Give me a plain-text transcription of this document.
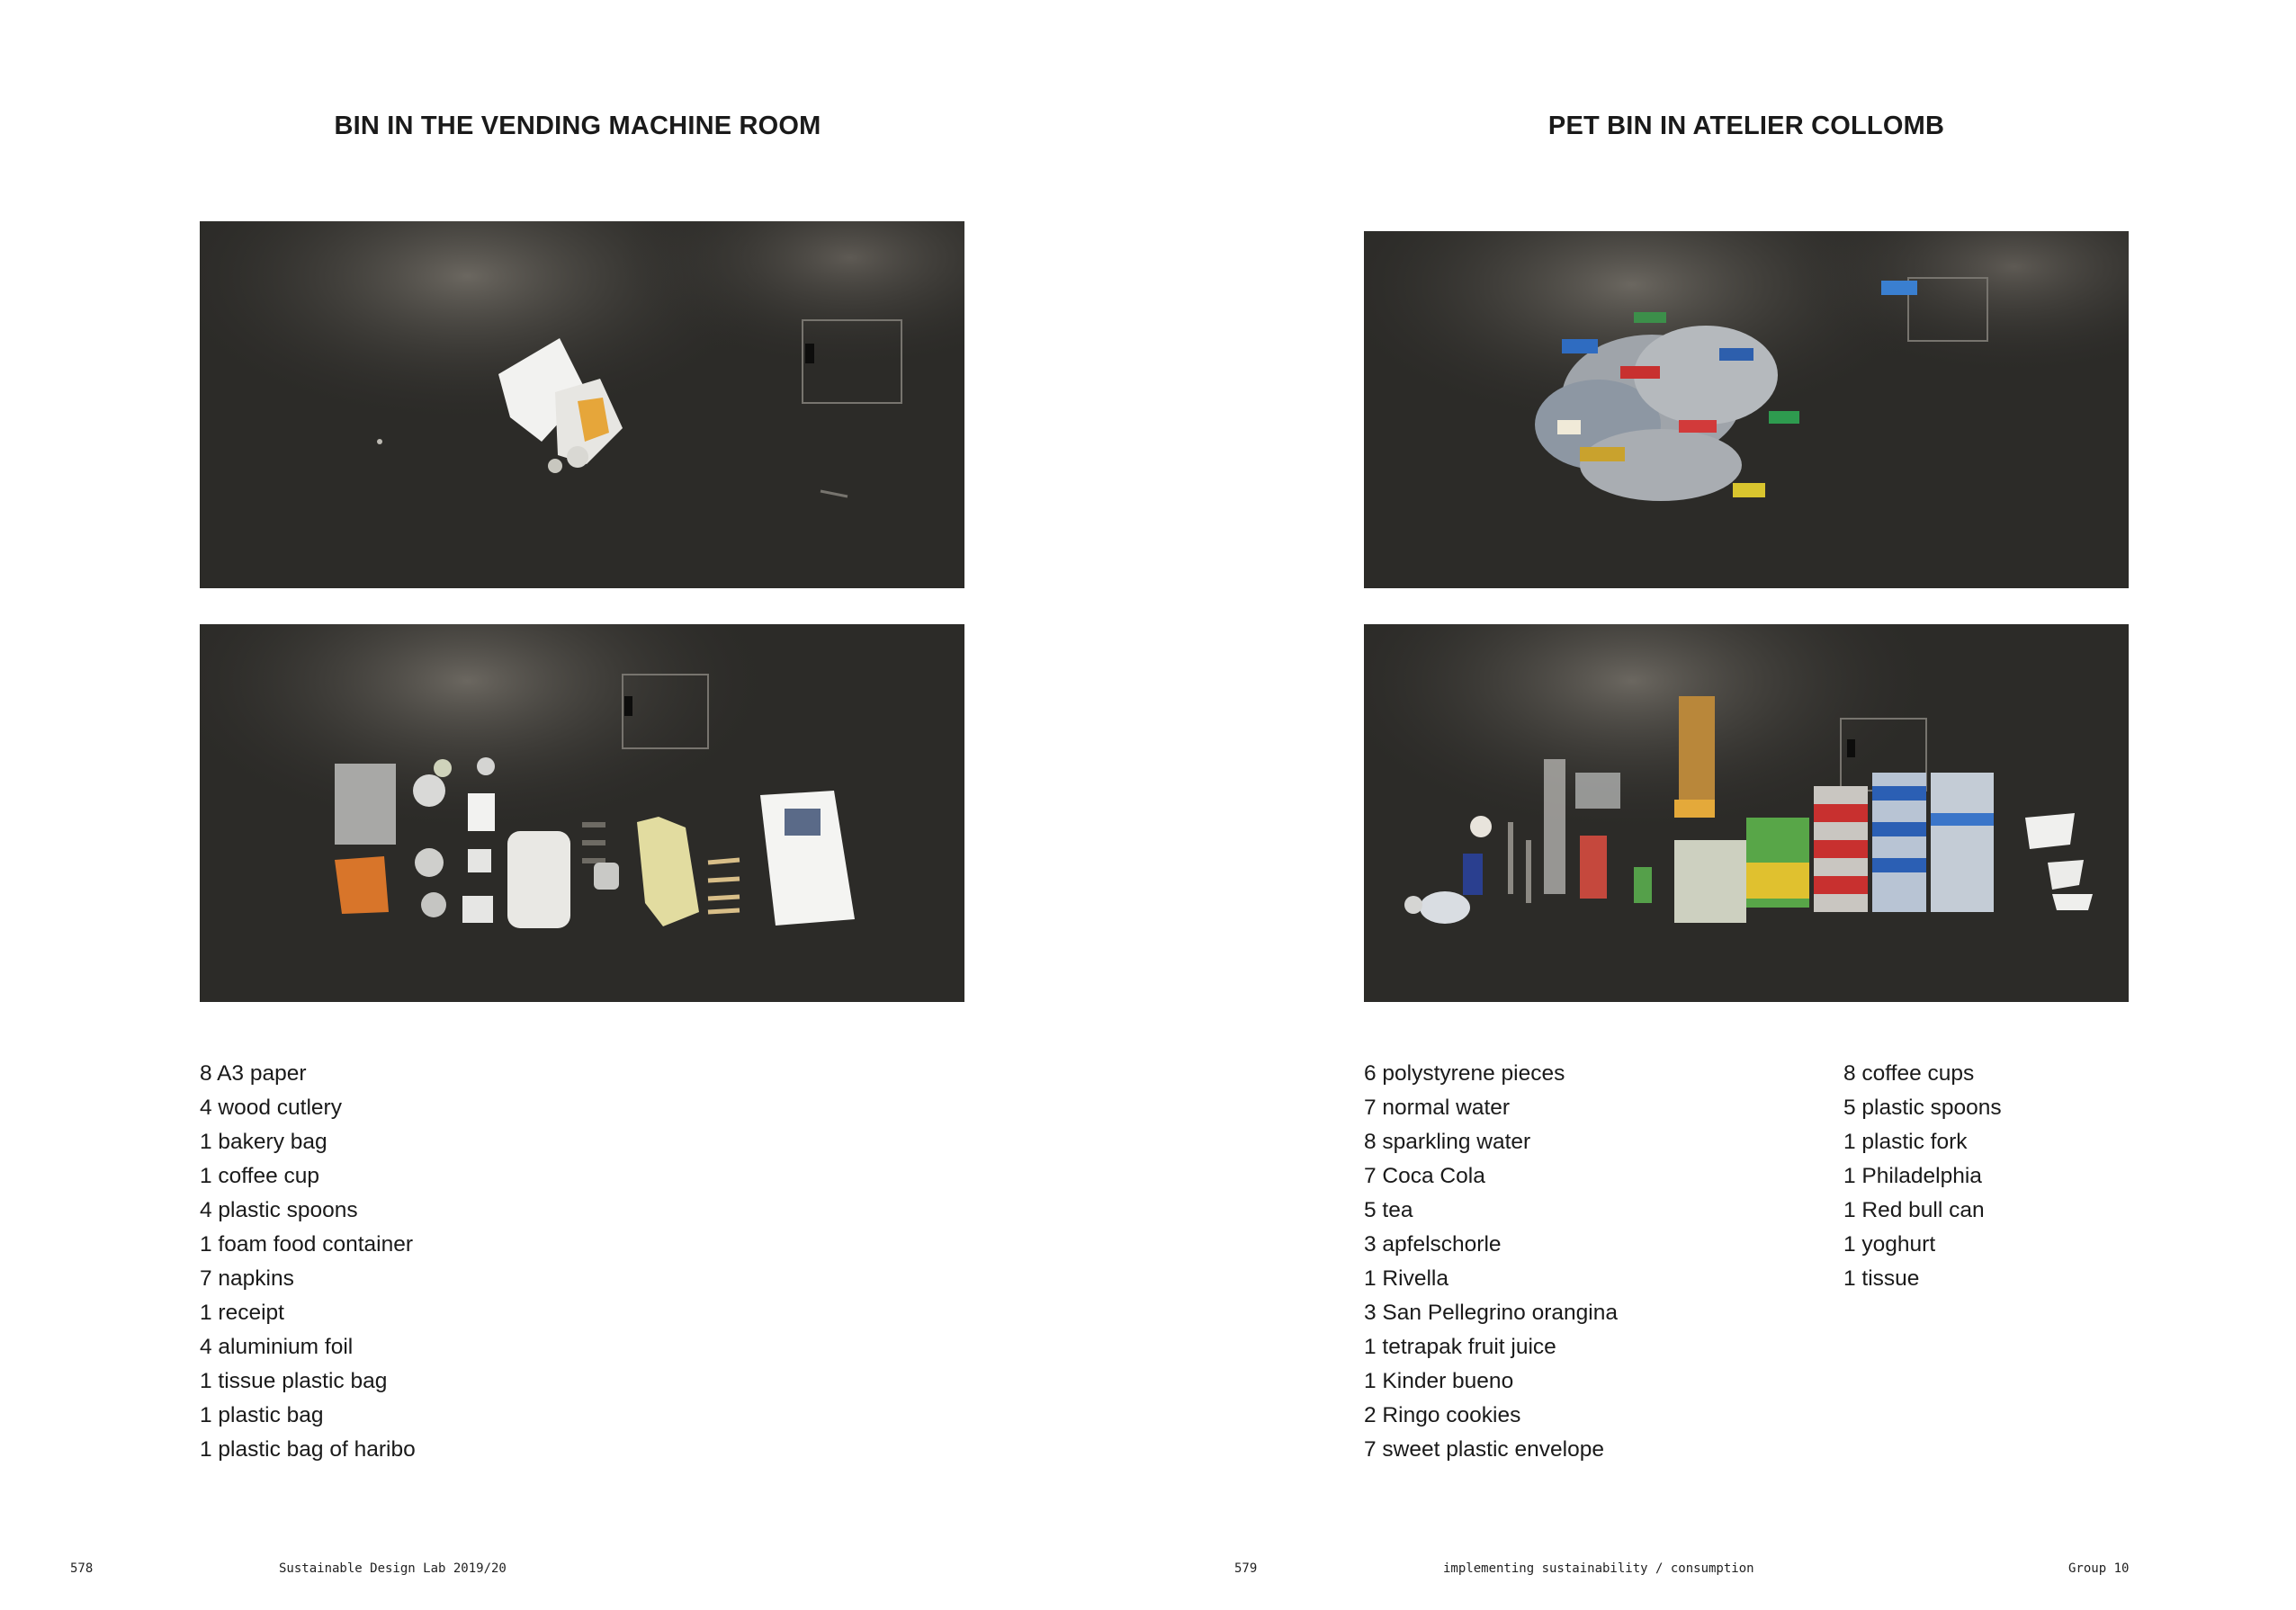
BIN IN THE VENDING MACHINE ROOM
8 A3 paper
4 wood cutlery
1 bakery bag
1 coffee cup
4 plastic spoons
1 foam food container
7 napkins
1 receipt
4 aluminium foil
1 tissue plastic bag
1 plastic bag
1 plastic bag of haribo
578	Sustainable Design Lab 2019/20
PET BIN IN ATELIER COLLOMB
6 polystyrene pieces
7 normal water
8 sparkling water
7 Coca Cola
5 tea
3 apfelschorle
1 Rivella
3 San Pellegrino orangina
1 tetrapak fruit juice
1 Kinder bueno
2 Ringo cookies
7 sweet plastic envelope
8 coffee cups
5 plastic spoons
1 plastic fork
1 Philadelphia
1 Red bull can
1 yoghurt
1 tissue
579	implementing sustainability / consumption	Group 10
